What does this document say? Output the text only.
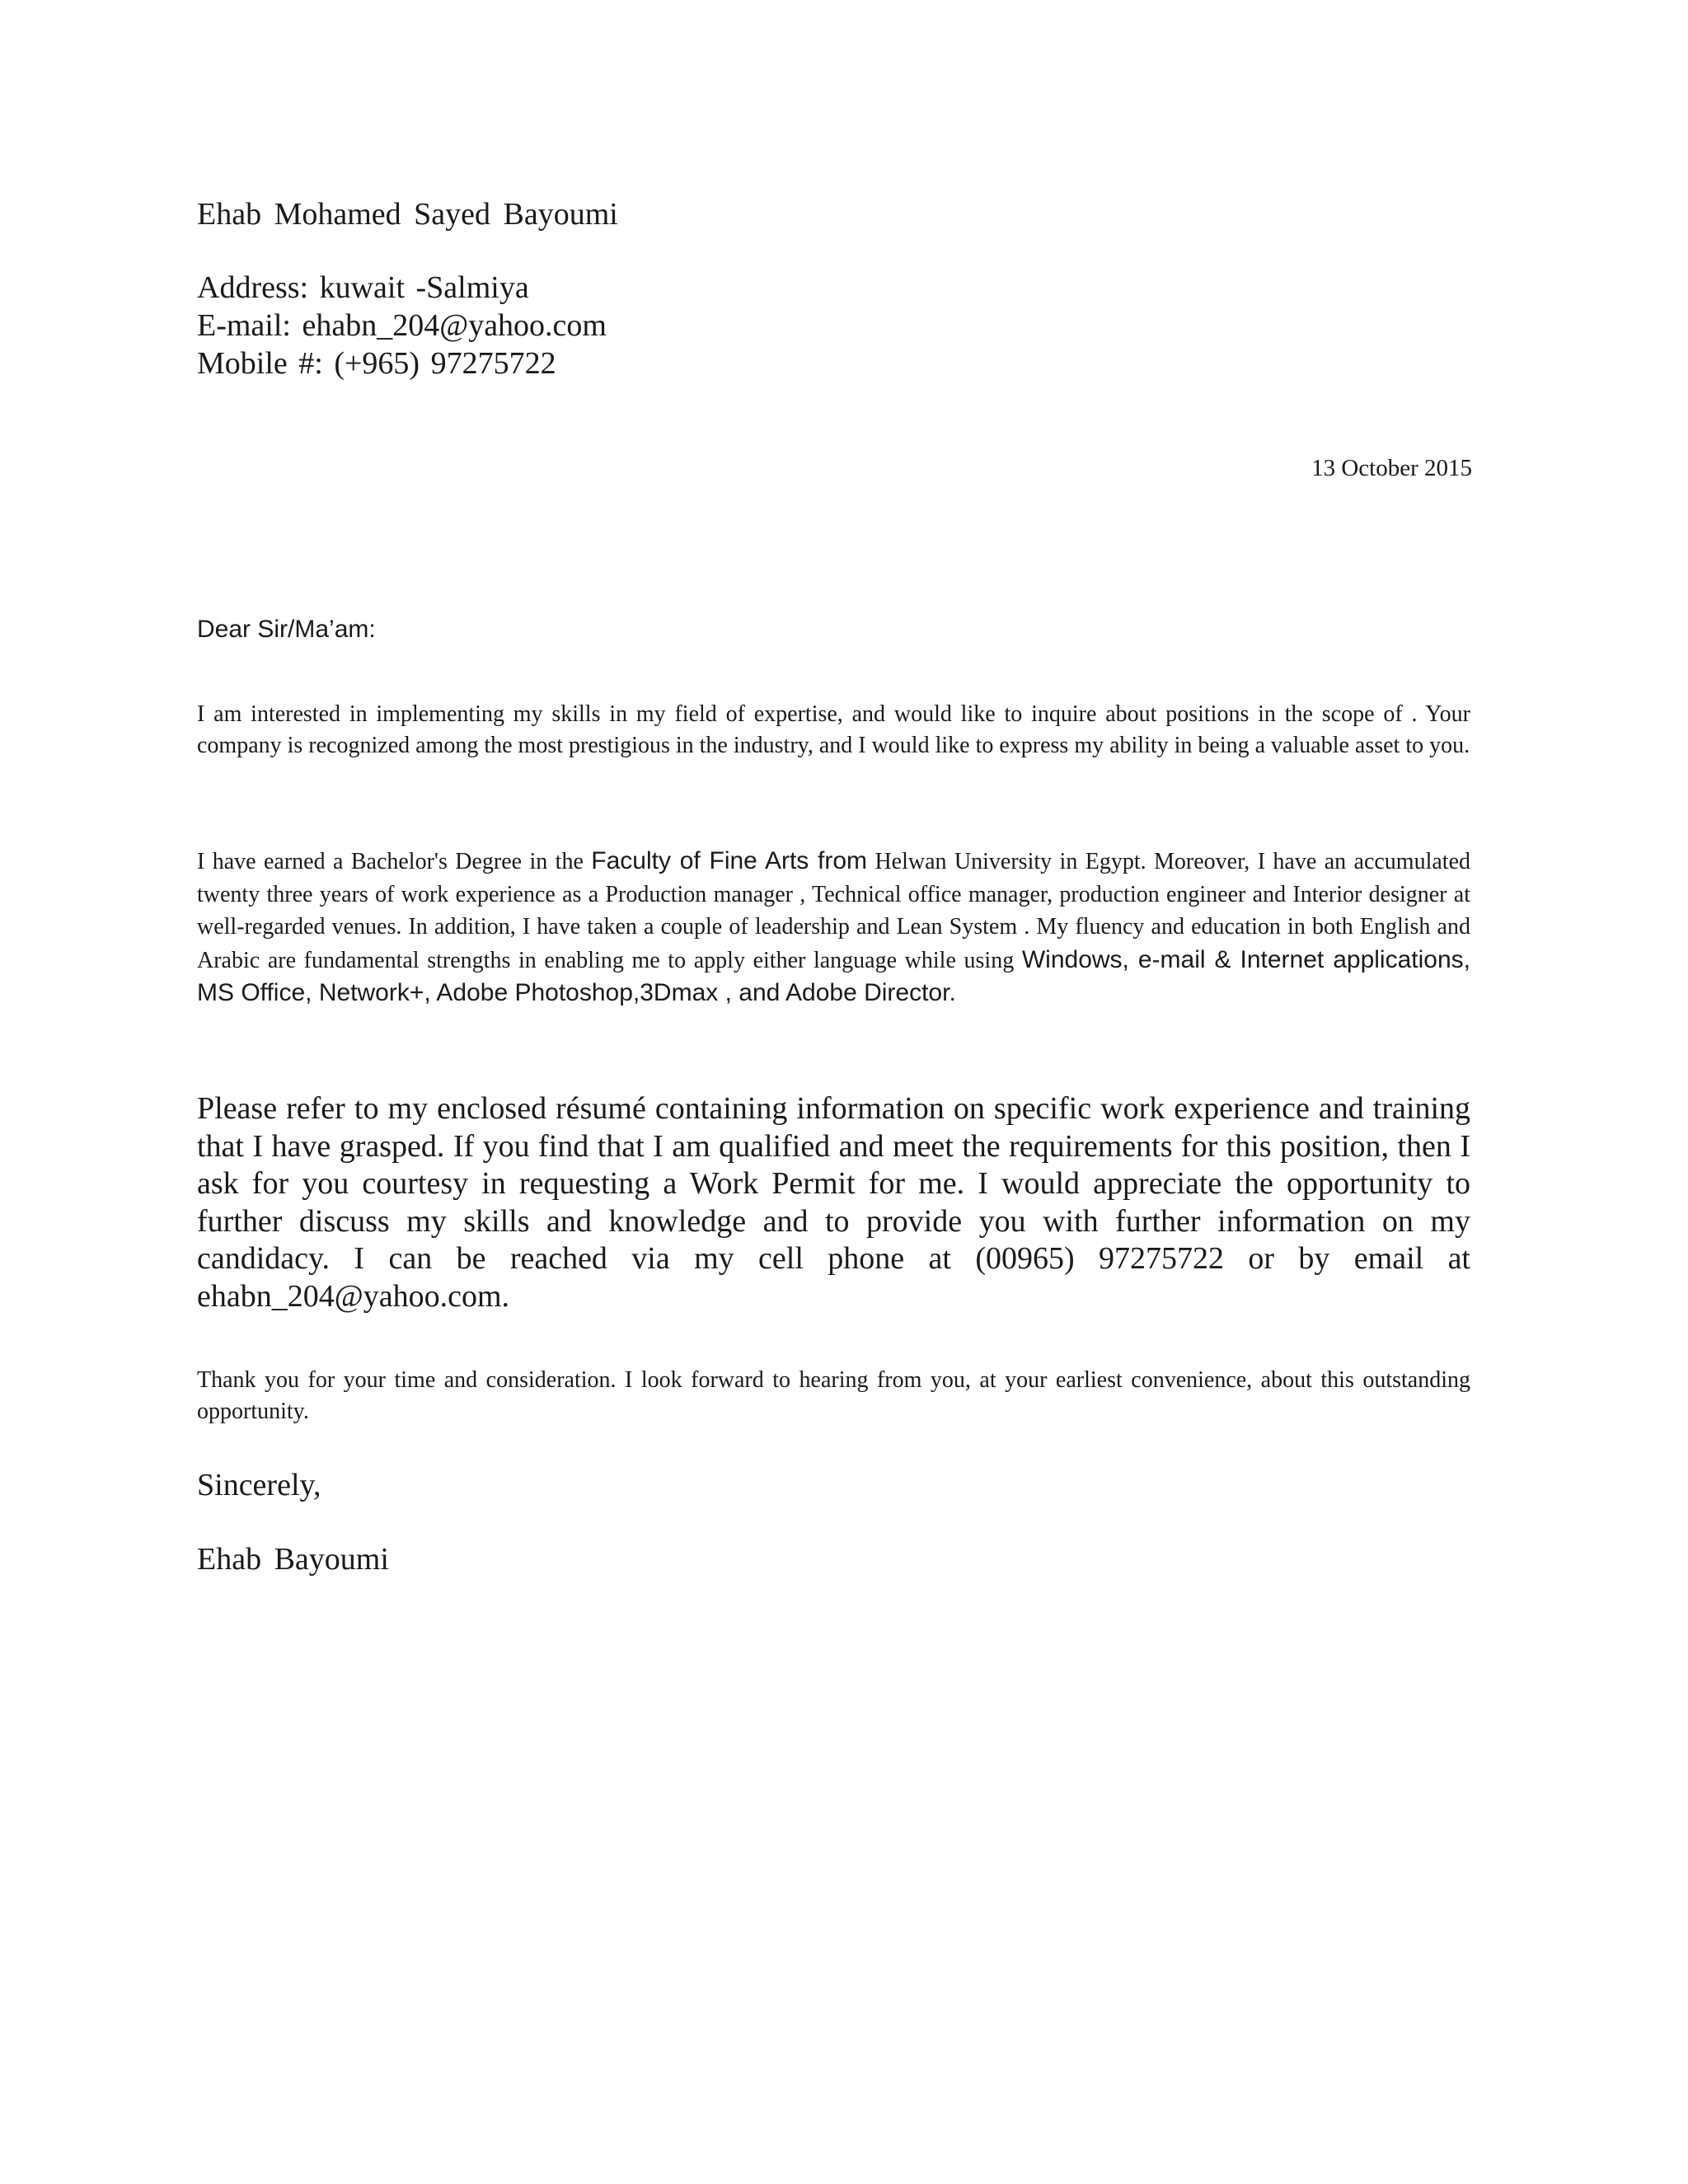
Ehab Mohamed Sayed Bayoumi
Address: kuwait -Salmiya
E-mail: ehabn_204@yahoo.com
Mobile #: (+965) 97275722
13 October 2015
Dear Sir/Ma’am:

I am interested in implementing my skills in my field of expertise, and would like to inquire about positions in the scope of . Your company is recognized among the most prestigious in the industry, and I would like to express my ability in being a valuable asset to you.

I have earned a Bachelor's Degree in the Faculty of Fine Arts from Helwan University in Egypt. Moreover, I have an accumulated twenty three years of work experience as a Production manager , Technical office manager, production engineer and Interior designer at well-regarded venues. In addition, I have taken a couple of leadership and Lean System . My fluency and education in both English and Arabic are fundamental strengths in enabling me to apply either language while using Windows, e-mail & Internet applications, MS Office, Network+, Adobe Photoshop,3Dmax , and Adobe Director.

Please refer to my enclosed résumé containing information on specific work experience and training that I have grasped. If you find that I am qualified and meet the requirements for this position, then I ask for you courtesy in requesting a Work Permit for me. I would appreciate the opportunity to further discuss my skills and knowledge and to provide you with further information on my candidacy. I can be reached via my cell phone at (00965) 97275722 or by email at ehabn_204@yahoo.com.

Thank you for your time and consideration. I look forward to hearing from you, at your earliest convenience, about this outstanding opportunity.

Sincerely,
Ehab Bayoumi
